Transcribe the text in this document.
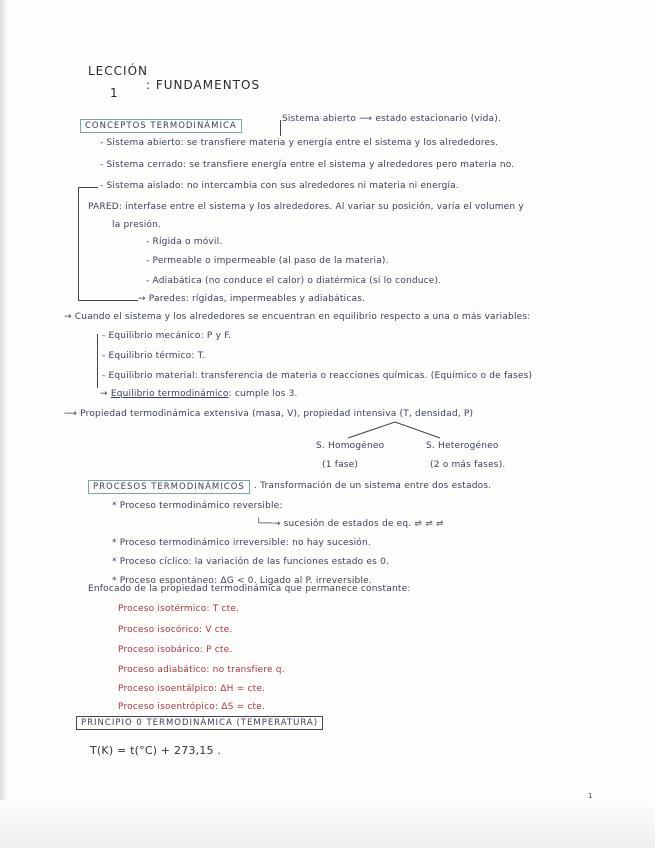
LECCIÓN
1
: FUNDAMENTOS
CONCEPTOS TERMODINÁMICA
Sistema abierto ⟶ estado estacionario (vida).
- Sistema abierto: se transfiere materia y energía entre el sistema y los alrededores.
- Sistema cerrado: se transfiere energía entre el sistema y alrededores pero materia no.
- Sistema aislado: no intercambia con sus alrededores ni materia ni energía.
PARED: interfase entre el sistema y los alrededores. Al variar su posición, varía el volumen y
la presión.
- Rígida o móvil.
- Permeable o impermeable (al paso de la materia).
- Adiabática (no conduce el calor) o diatérmica (sí lo conduce).
→ Paredes: rígidas, impermeables y adiabáticas.
→ Cuando el sistema y los alrededores se encuentran en equilibrio respecto a una o más variables:
- Equilibrio mecánico: P y F.
- Equilibrio térmico: T.
- Equilibrio material: transferencia de materia o reacciones químicas. (Equímico o de fases)
→ Equilibrio termodinámico: cumple los 3.
⟶ Propiedad termodinámica extensiva (masa, V), propiedad intensiva (T, densidad, P)
S. Homogéneo
(1 fase)
S. Heterogéneo
(2 o más fases).
PROCESOS TERMODINÁMICOS	. Transformación de un sistema entre dos estados.
* Proceso termodinámico reversible:
└──→ sucesión de estados de eq. ⇌ ⇌ ⇌
* Proceso termodinámico irreversible: no hay sucesión.
* Proceso cíclico: la variación de las funciones estado es 0.
* Proceso espontáneo: ΔG < 0. Ligado al P. irreversible.
Enfocado de la propiedad termodinámica que permanece constante:
Proceso isotérmico: T cte.
Proceso isocórico: V cte.
Proceso isobárico: P cte.
Proceso adiabático: no transfiere q.
Proceso isoentálpico: ΔH = cte.
Proceso isoentrópico: ΔS = cte.
PRINCIPIO 0 TERMODINÁMICA (TEMPERATURA)
T(K) = t(°C) + 273,15 .
1
